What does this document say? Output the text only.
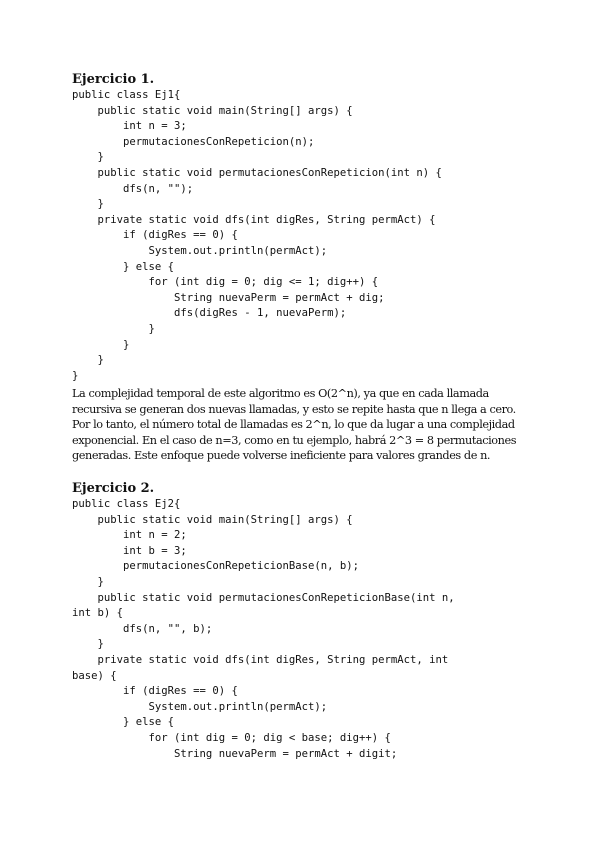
Ejercicio 1.
public class Ej1{
public static void main(String[] args) {
int n = 3;
permutacionesConRepeticion(n);
}
public static void permutacionesConRepeticion(int n) {
dfs(n, "");
}
private static void dfs(int digRes, String permAct) {
if (digRes == 0) {
System.out.println(permAct);
} else {
for (int dig = 0; dig <= 1; dig++) {
String nuevaPerm = permAct + dig;
dfs(digRes - 1, nuevaPerm);
}
}
}
}

La complejidad temporal de este algoritmo es O(2^n), ya que en cada llamada
recursiva se generan dos nuevas llamadas, y esto se repite hasta que n llega a cero.
Por lo tanto, el número total de llamadas es 2^n, lo que da lugar a una complejidad
exponencial. En el caso de n=3, como en tu ejemplo, habrá 2^3 = 8 permutaciones
generadas. Este enfoque puede volverse ineficiente para valores grandes de n.

Ejercicio 2.
public class Ej2{
public static void main(String[] args) {
int n = 2;
int b = 3;
permutacionesConRepeticionBase(n, b);
}
public static void permutacionesConRepeticionBase(int n,
int b) {
dfs(n, "", b);
}
private static void dfs(int digRes, String permAct, int
base) {
if (digRes == 0) {
System.out.println(permAct);
} else {
for (int dig = 0; dig < base; dig++) {
String nuevaPerm = permAct + digit;
